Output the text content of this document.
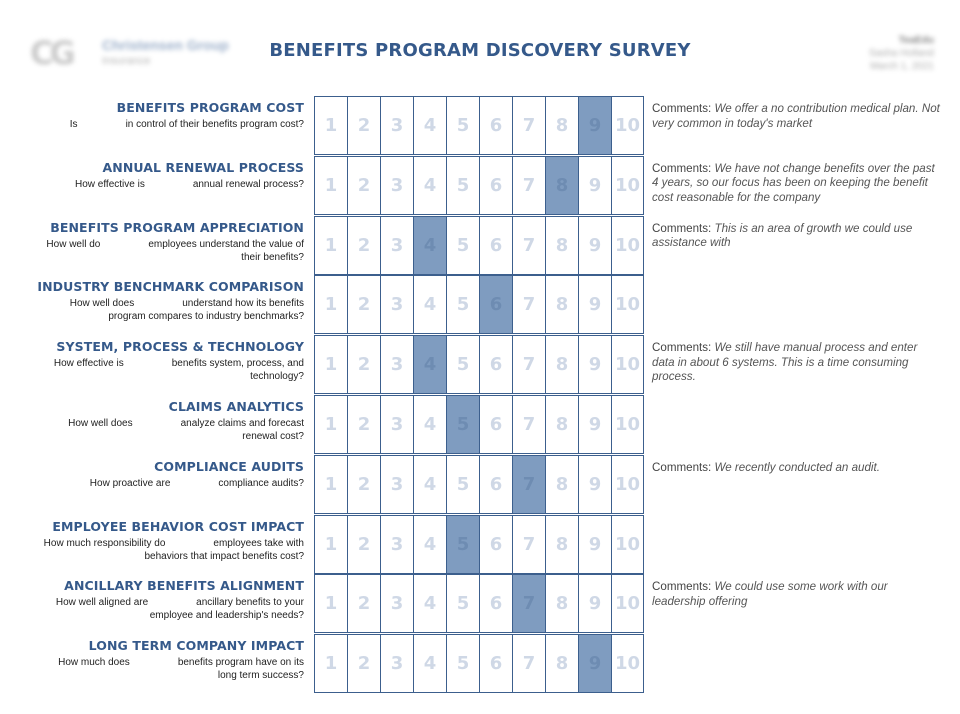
CG Christensen Group
Insurance	BENEFITS PROGRAM DISCOVERY SURVEY	TeaEdu
Sasha Holland
March 1, 2021
BENEFITS PROGRAM COST
Is	in control of their benefits program cost?	1	2	3	4	5	6	7	8	9 10
Comments: We offer a no contribution medical plan. Not very common in today's market
ANNUAL RENEWAL PROCESS
How effective is	annual renewal process?	1	2	3	4	5	6	7	8	9 10
Comments: We have not change benefits over the past 4 years, so our focus has been on keeping the benefit cost reasonable for the company
BENEFITS PROGRAM APPRECIATION
How well do	employees understand the value of
their benefits?
1	2	3	4	5	6	7	8	9 10
Comments: This is an area of growth we could use assistance with
INDUSTRY BENCHMARK COMPARISON
How well does	understand how its benefits
program compares to industry benchmarks?
1	2	3	4	5	6	7	8	9 10
SYSTEM, PROCESS & TECHNOLOGY
How effective is	benefits system, process, and
technology?
1	2	3	4	5	6	7	8	9 10
Comments: We still have manual process and enter data in about 6 systems. This is a time consuming process.
CLAIMS ANALYTICS
How well does	analyze claims and forecast
renewal cost?
1	2	3	4	5	6	7	8	9 10
COMPLIANCE AUDITS
How proactive are	compliance audits?	1	2	3	4	5	6	7	8	9 10
Comments: We recently conducted an audit.
EMPLOYEE BEHAVIOR COST IMPACT
How much responsibility do	employees take with
behaviors that impact benefits cost?
1	2	3	4	5	6	7	8	9 10
ANCILLARY BENEFITS ALIGNMENT
How well aligned are	ancillary benefits to your
employee and leadership's needs?
1	2	3	4	5	6	7	8	9 10
Comments: We could use some work with our leadership offering
LONG TERM COMPANY IMPACT
How much does	benefits program have on its
long term success?
1	2	3	4	5	6	7	8	9 10
